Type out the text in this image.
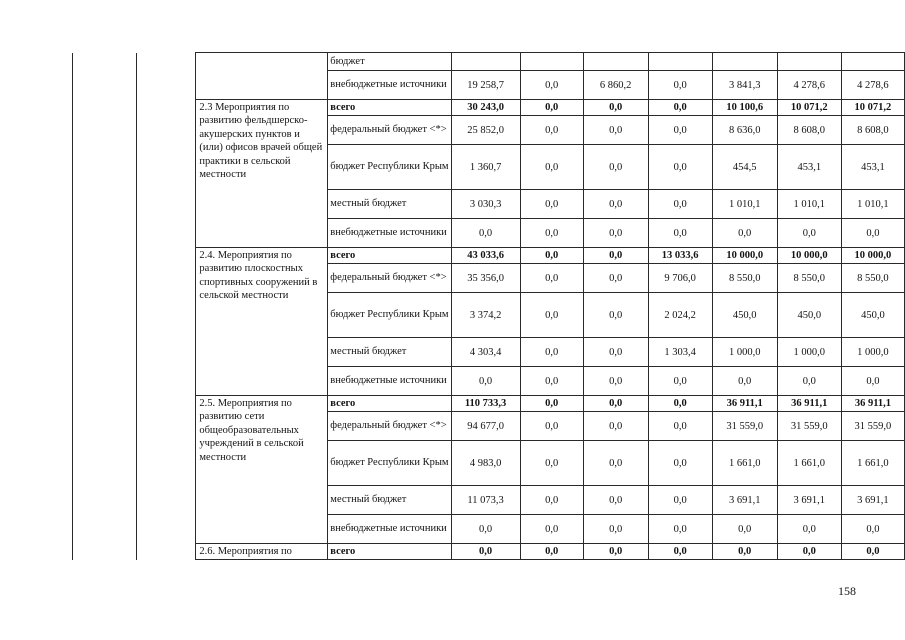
			бюджет							
			внебюджетные источники	19 258,7	0,0	6 860,2	0,0	3 841,3	4 278,6	4 278,6
		2.3 Мероприятия по развитию фельдшерско-акушерских пунктов и (или) офисов врачей общей практики в сельской местности	всего	30 243,0	0,0	0,0	0,0	10 100,6	10 071,2	10 071,2
			федеральный бюджет <*>	25 852,0	0,0	0,0	0,0	8 636,0	8 608,0	8 608,0
			бюджет Республики Крым	1 360,7	0,0	0,0	0,0	454,5	453,1	453,1
			местный бюджет	3 030,3	0,0	0,0	0,0	1 010,1	1 010,1	1 010,1
			внебюджетные источники	0,0	0,0	0,0	0,0	0,0	0,0	0,0
		2.4. Мероприятия по развитию плоскостных спортивных сооружений в сельской местности	всего	43 033,6	0,0	0,0	13 033,6	10 000,0	10 000,0	10 000,0
			федеральный бюджет <*>	35 356,0	0,0	0,0	9 706,0	8 550,0	8 550,0	8 550,0
			бюджет Республики Крым	3 374,2	0,0	0,0	2 024,2	450,0	450,0	450,0
			местный бюджет	4 303,4	0,0	0,0	1 303,4	1 000,0	1 000,0	1 000,0
			внебюджетные источники	0,0	0,0	0,0	0,0	0,0	0,0	0,0
		2.5. Мероприятия по развитию сети общеобразовательных учреждений в сельской местности	всего	110 733,3	0,0	0,0	0,0	36 911,1	36 911,1	36 911,1
			федеральный бюджет <*>	94 677,0	0,0	0,0	0,0	31 559,0	31 559,0	31 559,0
			бюджет Республики Крым	4 983,0	0,0	0,0	0,0	1 661,0	1 661,0	1 661,0
			местный бюджет	11 073,3	0,0	0,0	0,0	3 691,1	3 691,1	3 691,1
			внебюджетные источники	0,0	0,0	0,0	0,0	0,0	0,0	0,0
		2.6. Мероприятия по	всего	0,0	0,0	0,0	0,0	0,0	0,0	0,0
158
